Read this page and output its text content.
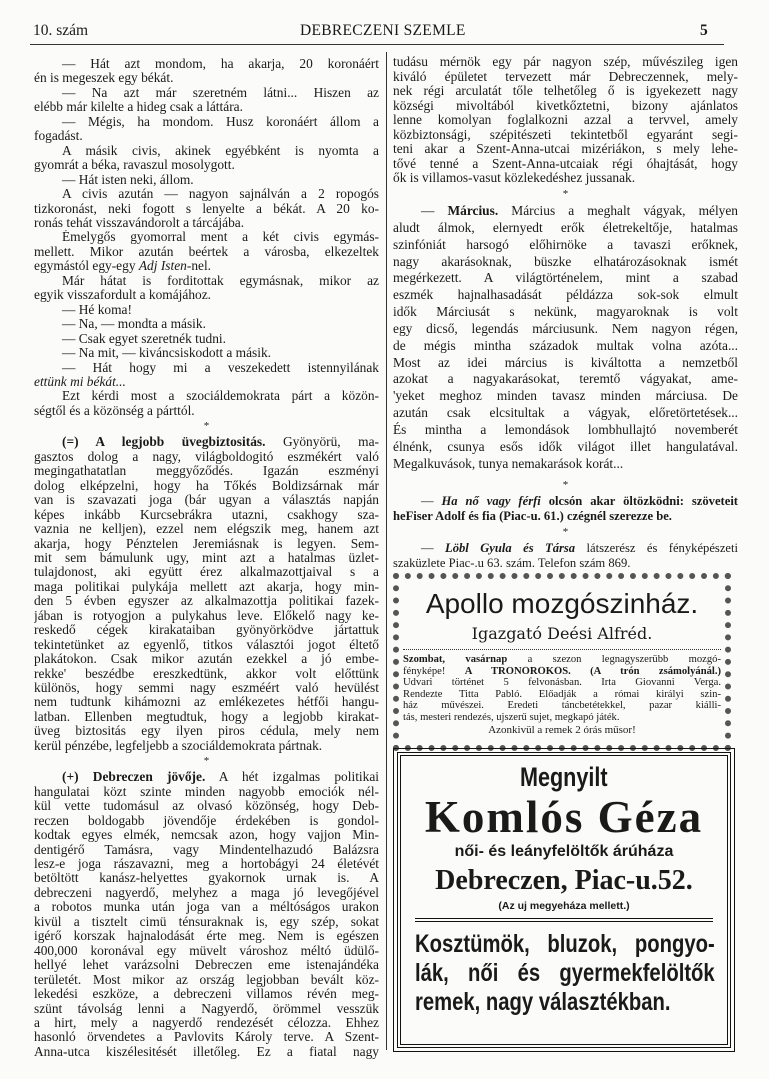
10. szám	DEBRECZENI SZEMLE	5
— Hát azt mondom, ha akarja, 20 koronáért
én is megeszek egy békát.
— Na azt már szeretném látni... Hiszen az
elébb már kilelte a hideg csak a láttára.
— Mégis, ha mondom. Husz koronáért állom a
fogadást.
A másik civis, akinek egyébként is nyomta a
gyomrát a béka, ravaszul mosolygott.
— Hát isten neki, állom.
A civis azután — nagyon sajnálván a 2 ropogós
tizkoronást, neki fogott s lenyelte a békát. A 20 ko-
ronás tehát visszavándorolt a tárcájába.
Émelygős gyomorral ment a két civis egymás-
mellett. Mikor azután beértek a városba, elkezeltek
egymástól egy-egy Adj Isten-nel.
Már hátat is forditottak egymásnak, mikor az
egyik visszafordult a komájához.
— Hé koma!
— Na, — mondta a másik.
— Csak egyet szeretnék tudni.
— Na mit, — kiváncsiskodott a másik.
— Hát hogy mi a veszekedett istennyilának
ettünk mi békát...
Ezt kérdi most a szociáldemokrata párt a közön-
ségtől és a közönség a párttól.
*
(=) A legjobb üvegbiztositás. Gyönyörü, ma-
gasztos dolog a nagy, világboldogitó eszmékért való
megingathatatlan meggyőződés. Igazán eszményi
dolog elképzelni, hogy ha Tőkés Boldizsárnak már
van is szavazati joga (bár ugyan a választás napján
képes inkább Kurcsebrákra utazni, csakhogy sza-
vaznia ne kelljen), ezzel nem elégszik meg, hanem azt
akarja, hogy Pénztelen Jeremiásnak is legyen. Sem-
mit sem bámulunk ugy, mint azt a hatalmas üzlet-
tulajdonost, aki együtt érez alkalmazottjaival s a
maga politikai pulykája mellett azt akarja, hogy min-
den 5 évben egyszer az alkalmazottja politikai fazek-
jában is rotyogjon a pulykahus leve. Előkelő nagy ke-
reskedő cégek kirakataiban gyönyörködve jártattuk
tekintetünket az egyenlő, titkos választói jogot éltető
plakátokon. Csak mikor azután ezekkel a jó embe-
rekke' beszédbe ereszkedtünk, akkor volt előttünk
különös, hogy semmi nagy eszméért való hevülést
nem tudtunk kihámozni az emlékezetes hétfői hangu-
latban. Ellenben megtudtuk, hogy a legjobb kirakat-
üveg biztositás egy ilyen piros cédula, mely nem
kerül pénzébe, legfeljebb a szociáldemokrata pártnak.
*
(+) Debreczen jövője. A hét izgalmas politikai
hangulatai közt szinte minden nagyobb emociók nél-
kül vette tudomásul az olvasó közönség, hogy Deb-
reczen boldogabb jövendője érdekében is gondol-
kodtak egyes elmék, nemcsak azon, hogy vajjon Min-
dentigérő Tamásra, vagy Mindentelhazudó Balázsra
lesz-e joga rászavazni, meg a hortobágyi 24 életévét
betöltött kanász-helyettes gyakornok urnak is. A
debreczeni nagyerdő, melyhez a maga jó levegőjével
a robotos munka után joga van a méltóságos urakon
kivül a tisztelt cimü ténsuraknak is, egy szép, sokat
igérő korszak hajnalodását érte meg. Nem is egészen
400,000 koronával egy müvelt városhoz méltó üdülő-
hellyé lehet varázsolni Debreczen eme istenajándéka
területét. Most mikor az ország legjobban bevált köz-
lekedési eszköze, a debreczeni villamos révén meg-
szünt távolság lenni a Nagyerdő, örömmel vesszük
a hirt, mely a nagyerdő rendezését célozza. Ehhez
hasonló örvendetes a Pavlovits Károly terve. A Szent-
Anna-utca kiszélesitését illetőleg. Ez a fiatal nagy
tudásu mérnök egy pár nagyon szép, művészileg igen
kiváló épületet tervezett már Debreczennek, mely-
nek régi arculatát tőle telhetőleg ő is igyekezett nagy
községi mivoltából kivetkőztetni, bizony ajánlatos
lenne komolyan foglalkozni azzal a tervvel, amely
közbiztonsági, szépitészeti tekintetből egyaránt segi-
teni akar a Szent-Anna-utcai mizériákon, s mely lehe-
tővé tenné a Szent-Anna-utcaiak régi óhajtását, hogy
ők is villamos-vasut közlekedéshez jussanak.
*
— Március. Március a meghalt vágyak, mélyen
aludt álmok, elernyedt erők életrekeltője, hatalmas
szinfóniát harsogó előhirnöke a tavaszi erőknek,
nagy akarásoknak, büszke elhatározásoknak ismét
megérkezett. A világtörténelem, mint a szabad
eszmék hajnalhasadását példázza sok-sok elmult
idők Márciusát s nekünk, magyaroknak is volt
egy dicső, legendás márciusunk. Nem nagyon régen,
de mégis mintha századok multak volna azóta...
Most az idei március is kiváltotta a nemzetből
azokat a nagyakarásokat, teremtő vágyakat, ame-
'yeket meghoz minden tavasz minden márciusa. De
azután csak elcsitultak a vágyak, előretörtetések...
És mintha a lemondások lombhullajtó novemberét
élnénk, csunya esős idők világot illet hangulatával.
Megalkuvások, tunya nemakarások korát...
*
— Ha nő vagy férfi olcsón akar öltözködni: szöveteit
heFiser Adolf és fia (Piac-u. 61.) czégnél szerezze be.
*
— Löbl Gyula és Társa látszerész és fényképészeti
szaküzlete Piac-.u 63. szám. Telefon szám 869.
Apollo mozgószinház.
Igazgató Deési Alfréd.
Szombat, vasárnap a szezon legnagyszerübb mozgó-
fényképe! A TRÓNÖRÖKÖS. (A trón zsámolyánál.)
Udvari történet 5 felvonásban. Irta Giovanni Verga.
Rendezte Titta Pabló. Előadják a római királyi szin-
ház művészei. Eredeti táncbetétekkel, pazar kiálli-
tás, mesteri rendezés, ujszerű sujet, megkapó játék.
Azonkivül a remek 2 órás műsor!
Megnyilt
Komlós Géza
női- és leányfelöltők árúháza
Debreczen, Piac-u.52.
(Az uj megyeháza mellett.)
Kosztümök, bluzok, pongyo-
lák, női és gyermekfelöltők
remek, nagy választékban.
